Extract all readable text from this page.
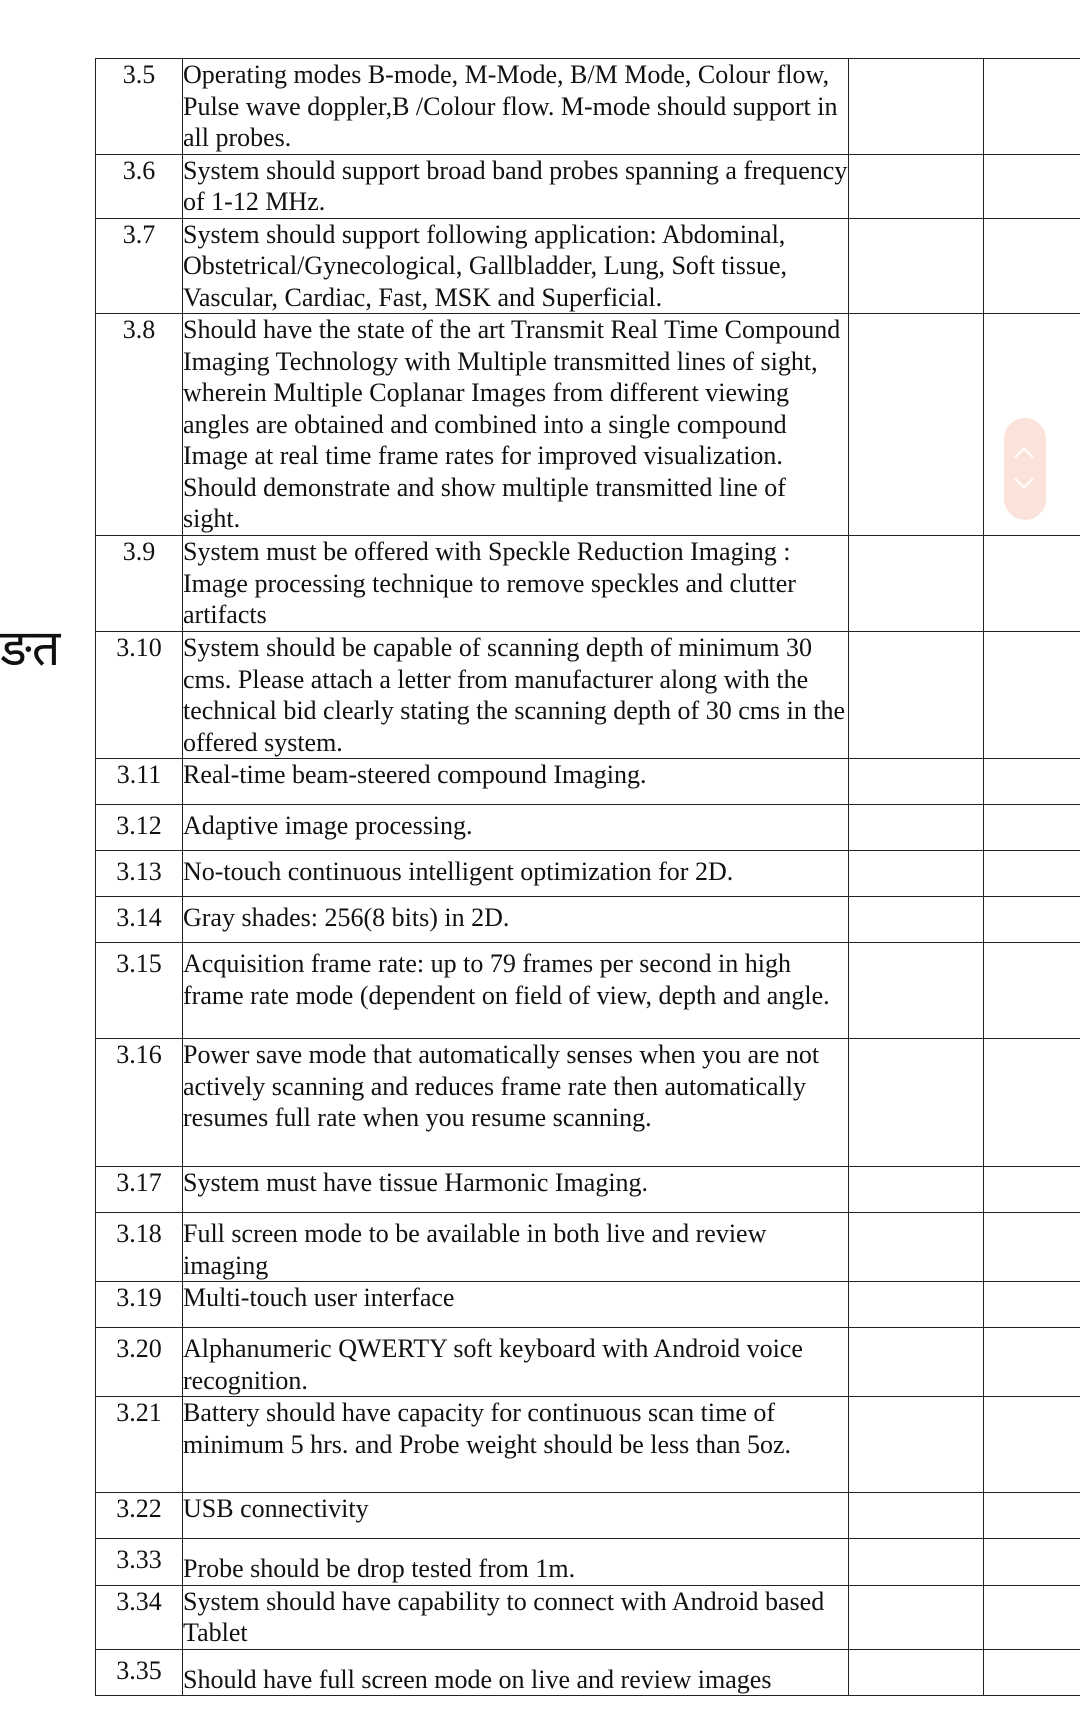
ङत
3.5	Operating modes B-mode, M-Mode, B/M Mode, Colour flow, Pulse wave doppler,B /Colour flow. M-mode should support in all probes.		
3.6	System should support broad band probes spanning a frequency of 1-12 MHz.		
3.7	System should support following application: Abdominal, Obstetrical/Gynecological, Gallbladder, Lung, Soft tissue, Vascular, Cardiac, Fast, MSK and Superficial.		
3.8	Should have the state of the art Transmit Real Time Compound Imaging Technology with Multiple transmitted lines of sight, wherein Multiple Coplanar Images from different viewing angles are obtained and combined into a single compound Image at real time frame rates for improved visualization. Should demonstrate and show multiple transmitted line of sight.		
3.9	System must be offered with Speckle Reduction Imaging : Image processing technique to remove speckles and clutter artifacts		
3.10	System should be capable of scanning depth of minimum 30 cms. Please attach a letter from manufacturer along with the technical bid clearly stating the scanning depth of 30 cms in the offered system.		
3.11	Real-time beam-steered compound Imaging.		
3.12	Adaptive image processing.		
3.13	No-touch continuous intelligent optimization for 2D.		
3.14	Gray shades: 256(8 bits) in 2D.		
3.15	Acquisition frame rate: up to 79 frames per second in high frame rate mode (dependent on field of view, depth and angle.		
3.16	Power save mode that automatically senses when you are not actively scanning and reduces frame rate then automatically resumes full rate when you resume scanning.		
3.17	System must have tissue Harmonic Imaging.		
3.18	Full screen mode to be available in both live and review imaging		
3.19	Multi-touch user interface		
3.20	Alphanumeric QWERTY soft keyboard with Android voice recognition.		
3.21	Battery should have capacity for continuous scan time of minimum 5 hrs. and Probe weight should be less than 5oz.		
3.22	USB connectivity		
3.33	Probe should be drop tested from 1m.		
3.34	System should have capability to connect with Android based Tablet		
3.35	Should have full screen mode on live and review images		
